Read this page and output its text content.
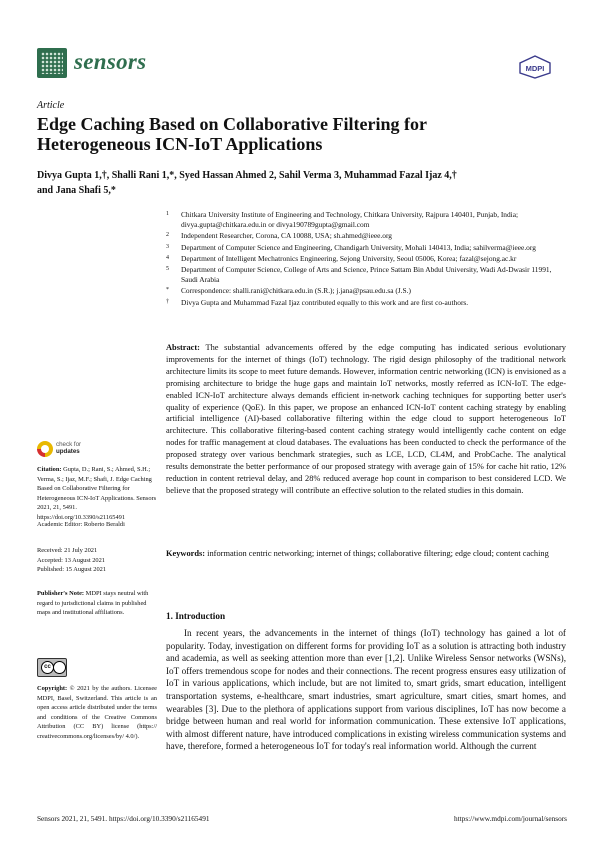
sensors	MDPI
Article
Edge Caching Based on Collaborative Filtering for Heterogeneous ICN-IoT Applications
Divya Gupta 1,†, Shalli Rani 1,*, Syed Hassan Ahmed 2, Sahil Verma 3, Muhammad Fazal Ijaz 4,†
and Jana Shafi 5,*
1 Chitkara University Institute of Engineering and Technology, Chitkara University, Rajpura 140401, Punjab, India; divya.gupta@chitkara.edu.in or divya190789gupta@gmail.com
2 Independent Researcher, Corona, CA 10088, USA; sh.ahmed@ieee.org
3 Department of Computer Science and Engineering, Chandigarh University, Mohali 140413, India; sahilverma@ieee.org
4 Department of Intelligent Mechatronics Engineering, Sejong University, Seoul 05006, Korea; fazal@sejong.ac.kr
5 Department of Computer Science, College of Arts and Science, Prince Sattam Bin Abdul University, Wadi Ad-Dwasir 11991, Saudi Arabia
* Correspondence: shalli.rani@chitkara.edu.in (S.R.); j.jana@psau.edu.sa (J.S.)
† Divya Gupta and Muhammad Fazal Ijaz contributed equally to this work and are first co-authors.
Abstract: The substantial advancements offered by the edge computing has indicated serious evolutionary improvements for the internet of things (IoT) technology. The rigid design philosophy of the traditional network architecture limits its scope to meet future demands. However, information centric networking (ICN) is envisioned as a promising architecture to bridge the huge gaps and maintain IoT networks, mostly referred as ICN-IoT. The edge-enabled ICN-IoT architecture always demands efficient in-network caching techniques for supporting better user's quality of experience (QoE). In this paper, we propose an enhanced ICN-IoT content caching strategy by enabling artificial intelligence (AI)-based collaborative filtering within the edge cloud to support heterogeneous IoT architecture. This collaborative filtering-based content caching strategy would intelligently cache content on edge nodes for traffic management at cloud databases. The evaluations has been conducted to check the performance of the proposed strategy over various benchmark strategies, such as LCE, LCD, CL4M, and ProbCache. The analytical results demonstrate the better performance of our proposed strategy with average gain of 15% for cache hit ratio, 12% reduction in content retrieval delay, and 28% reduced average hop count in comparison to best considered LCD. We believe that the proposed strategy will contribute an effective solution to the related studies in this domain.
Keywords: information centric networking; internet of things; collaborative filtering; edge cloud; content caching
check for
updates
Citation: Gupta, D.; Rani, S.; Ahmed, S.H.; Verma, S.; Ijaz, M.F.; Shafi, J. Edge Caching Based on Collaborative Filtering for Heterogeneous ICN-IoT Applications. Sensors 2021, 21, 5491. https://doi.org/10.3390/s21165491
Academic Editor: Roberto Beraldi
Received: 21 July 2021
Accepted: 13 August 2021
Published: 15 August 2021
Publisher's Note: MDPI stays neutral with regard to jurisdictional claims in published maps and institutional affiliations.
cc
Copyright: © 2021 by the authors. Licensee MDPI, Basel, Switzerland. This article is an open access article distributed under the terms and conditions of the Creative Commons Attribution (CC BY) license (https:// creativecommons.org/licenses/by/ 4.0/).
1. Introduction
In recent years, the advancements in the internet of things (IoT) technology has gained a lot of popularity. Today, investigation on different forms for providing IoT as a solution is attracting both industry and academia, as well as seeking attention more than ever [1,2]. Unlike Wireless Sensor networks (WSNs), IoT offers tremendous scope for nodes and their connections. The recent progress ensures easy utilization of IoT in various applications, which include, but are not limited to, smart grids, smart education, intelligent transportation systems, e-healthcare, smart industries, smart agriculture, smart cities, smart homes, and wearables [3]. Due to the plethora of applications support from various disciplines, IoT has now become a bridge between human and real world for information communication. These extensive IoT applications, with almost different nature, have introduced complications in existing wireless communication systems and have, therefore, formed a heterogeneous IoT for today's real information world. Although the current
Sensors 2021, 21, 5491. https://doi.org/10.3390/s21165491	https://www.mdpi.com/journal/sensors
